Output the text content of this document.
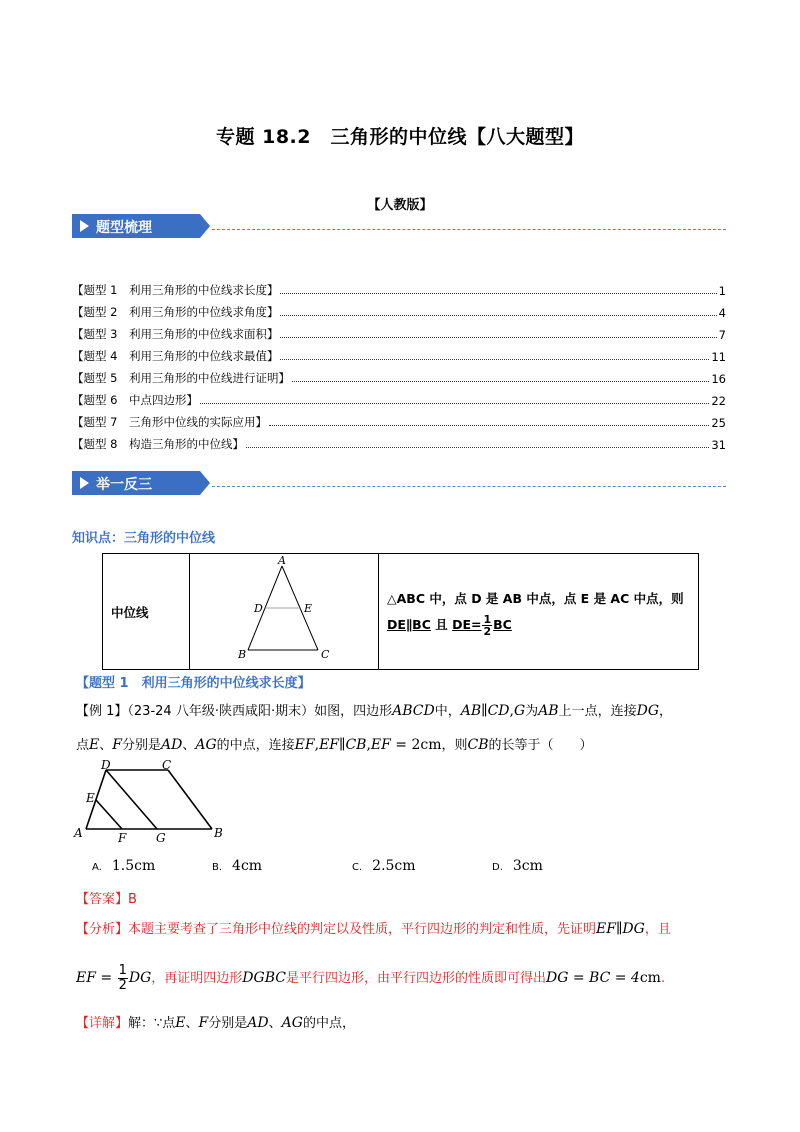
专题 18.2　三角形的中位线【八大题型】
【人教版】
题型梳理
【题型 1　利用三角形的中位线求长度】	1
【题型 2　利用三角形的中位线求角度】	4
【题型 3　利用三角形的中位线求面积】	7
【题型 4　利用三角形的中位线求最值】	11
【题型 5　利用三角形的中位线进行证明】	16
【题型 6　中点四边形】	22
【题型 7　三角形中位线的实际应用】	25
【题型 8　构造三角形的中位线】	31
举一反三
知识点：三角形的中位线
中位线	
A
B	C
D	E

△ABC 中，点 D 是 AB 中点，点 E 是 AC 中点，则
DE∥BC 且 $DE= \frac{1}{2}$ BC
【题型 1　利用三角形的中位线求长度】
【例 1】（23-24 八年级·陕西咸阳·期末）如图，四边形ABCD中，AB∥CD,G为AB上一点，连接DG，
点E、F分别是AD、AG的中点，连接EF,EF∥CB,EF = 2cm，则CB的长等于（　　）
D	C
E
A	F G	B
A. 1.5cm	B. 4cm	C. 2.5cm	D. 3cm
【答案】B
【分析】本题主要考查了三角形中位线的判定以及性质，平行四边形的判定和性质，先证明EF∥DG，且
EF = $\frac{1}{2}$ DG，再证明四边形DGBC是平行四边形，由平行四边形的性质即可得出DG = BC = 4cm.
【详解】解：∵点E、F分别是AD、AG的中点，
